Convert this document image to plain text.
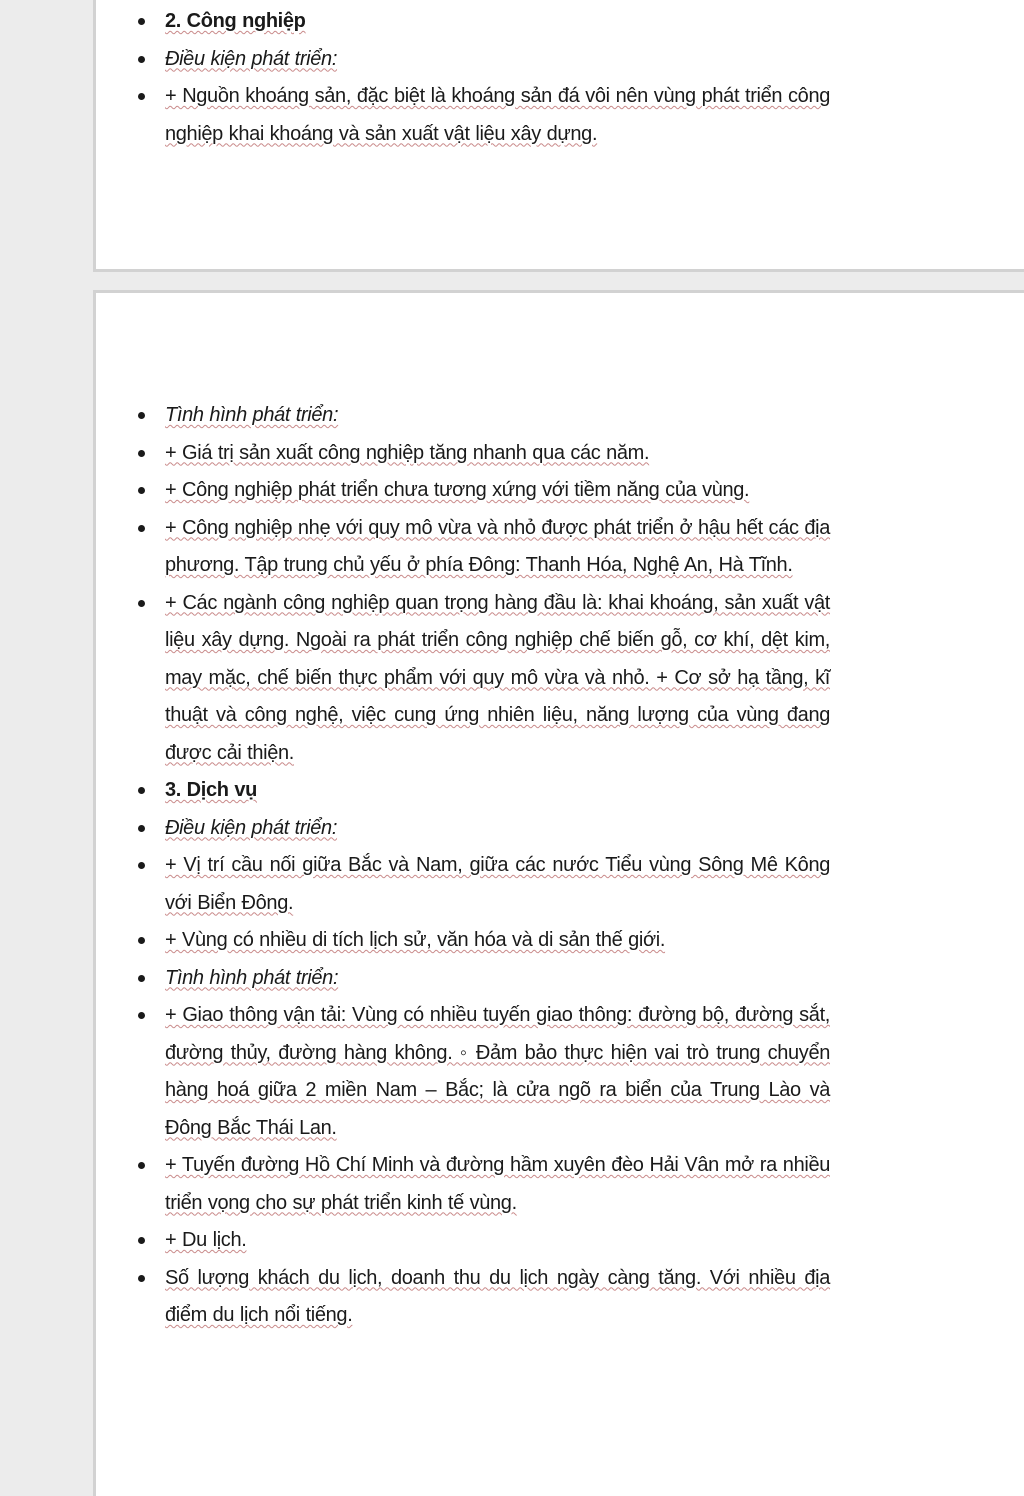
2. Công nghiệp
Điều kiện phát triển:
+ Nguồn khoáng sản, đặc biệt là khoáng sản đá vôi nên vùng phát triển công nghiệp khai khoáng và sản xuất vật liệu xây dựng.
Tình hình phát triển:
+ Giá trị sản xuất công nghiệp tăng nhanh qua các năm.
+ Công nghiệp phát triển chưa tương xứng với tiềm năng của vùng.
+ Công nghiệp nhẹ với quy mô vừa và nhỏ được phát triển ở hậu hết các địa phương. Tập trung chủ yếu ở phía Đông: Thanh Hóa, Nghệ An, Hà Tĩnh.
+ Các ngành công nghiệp quan trọng hàng đầu là: khai khoáng, sản xuất vật liệu xây dựng. Ngoài ra phát triển công nghiệp chế biến gỗ, cơ khí, dệt kim, may mặc, chế biến thực phẩm với quy mô vừa và nhỏ. + Cơ sở hạ tầng, kĩ thuật và công nghệ, việc cung ứng nhiên liệu, năng lượng của vùng đang được cải thiện.
3. Dịch vụ
Điều kiện phát triển:
+ Vị trí cầu nối giữa Bắc và Nam, giữa các nước Tiểu vùng Sông Mê Kông với Biển Đông.
+ Vùng có nhiều di tích lịch sử, văn hóa và di sản thế giới.
Tình hình phát triển:
+ Giao thông vận tải: Vùng có nhiều tuyến giao thông: đường bộ, đường sắt, đường thủy, đường hàng không. ◦ Đảm bảo thực hiện vai trò trung chuyển hàng hoá giữa 2 miền Nam – Bắc; là cửa ngõ ra biển của Trung Lào và Đông Bắc Thái Lan.
+ Tuyến đường Hồ Chí Minh và đường hầm xuyên đèo Hải Vân mở ra nhiều triển vọng cho sự phát triển kinh tế vùng.
+ Du lịch.
Số lượng khách du lịch, doanh thu du lịch ngày càng tăng. Với nhiều địa điểm du lịch nổi tiếng.
